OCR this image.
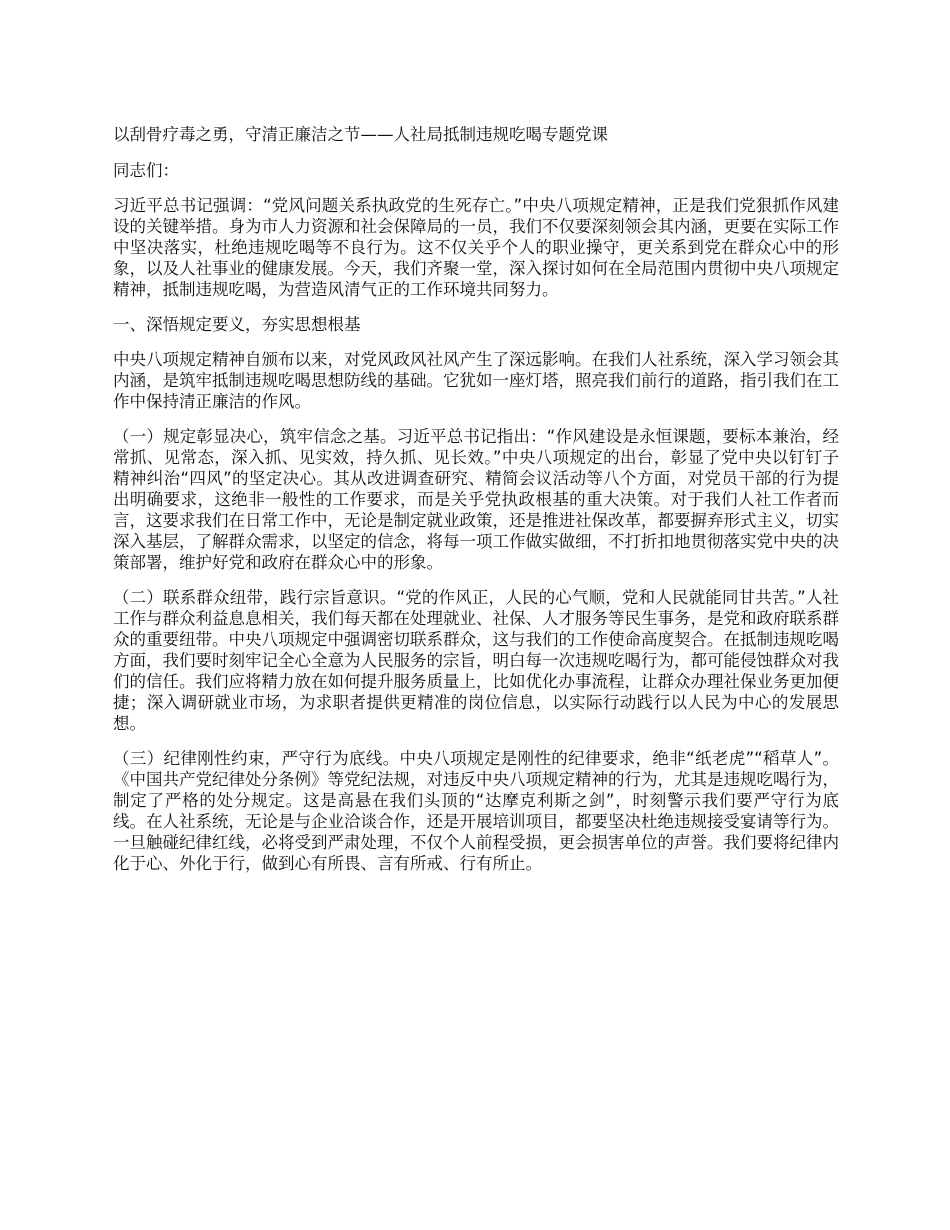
以刮骨疗毒之勇，守清正廉洁之节——人社局抵制违规吃喝专题党课

同志们：

习近平总书记强调：“党风问题关系执政党的生死存亡。”中央八项规定精神，正是我们党狠抓作风建设的关键举措。身为市人力资源和社会保障局的一员，我们不仅要深刻领会其内涵，更要在实际工作中坚决落实，杜绝违规吃喝等不良行为。这不仅关乎个人的职业操守，更关系到党在群众心中的形象，以及人社事业的健康发展。今天，我们齐聚一堂，深入探讨如何在全局范围内贯彻中央八项规定精神，抵制违规吃喝，为营造风清气正的工作环境共同努力。

一、深悟规定要义，夯实思想根基

中央八项规定精神自颁布以来，对党风政风社风产生了深远影响。在我们人社系统，深入学习领会其内涵，是筑牢抵制违规吃喝思想防线的基础。它犹如一座灯塔，照亮我们前行的道路，指引我们在工作中保持清正廉洁的作风。

（一）规定彰显决心，筑牢信念之基。习近平总书记指出：“作风建设是永恒课题，要标本兼治，经常抓、见常态，深入抓、见实效，持久抓、见长效。”中央八项规定的出台，彰显了党中央以钉钉子精神纠治“四风”的坚定决心。其从改进调查研究、精简会议活动等八个方面，对党员干部的行为提出明确要求，这绝非一般性的工作要求，而是关乎党执政根基的重大决策。对于我们人社工作者而言，这要求我们在日常工作中，无论是制定就业政策，还是推进社保改革，都要摒弃形式主义，切实深入基层，了解群众需求，以坚定的信念，将每一项工作做实做细，不打折扣地贯彻落实党中央的决策部署，维护好党和政府在群众心中的形象。

（二）联系群众纽带，践行宗旨意识。“党的作风正，人民的心气顺，党和人民就能同甘共苦。”人社工作与群众利益息息相关，我们每天都在处理就业、社保、人才服务等民生事务，是党和政府联系群众的重要纽带。中央八项规定中强调密切联系群众，这与我们的工作使命高度契合。在抵制违规吃喝方面，我们要时刻牢记全心全意为人民服务的宗旨，明白每一次违规吃喝行为，都可能侵蚀群众对我们的信任。我们应将精力放在如何提升服务质量上，比如优化办事流程，让群众办理社保业务更加便捷；深入调研就业市场，为求职者提供更精准的岗位信息，以实际行动践行以人民为中心的发展思想。

（三）纪律刚性约束，严守行为底线。中央八项规定是刚性的纪律要求，绝非“纸老虎”“稻草人”。《中国共产党纪律处分条例》等党纪法规，对违反中央八项规定精神的行为，尤其是违规吃喝行为，制定了严格的处分规定。这是高悬在我们头顶的“达摩克利斯之剑”，时刻警示我们要严守行为底线。在人社系统，无论是与企业洽谈合作，还是开展培训项目，都要坚决杜绝违规接受宴请等行为。一旦触碰纪律红线，必将受到严肃处理，不仅个人前程受损，更会损害单位的声誉。我们要将纪律内化于心、外化于行，做到心有所畏、言有所戒、行有所止。
